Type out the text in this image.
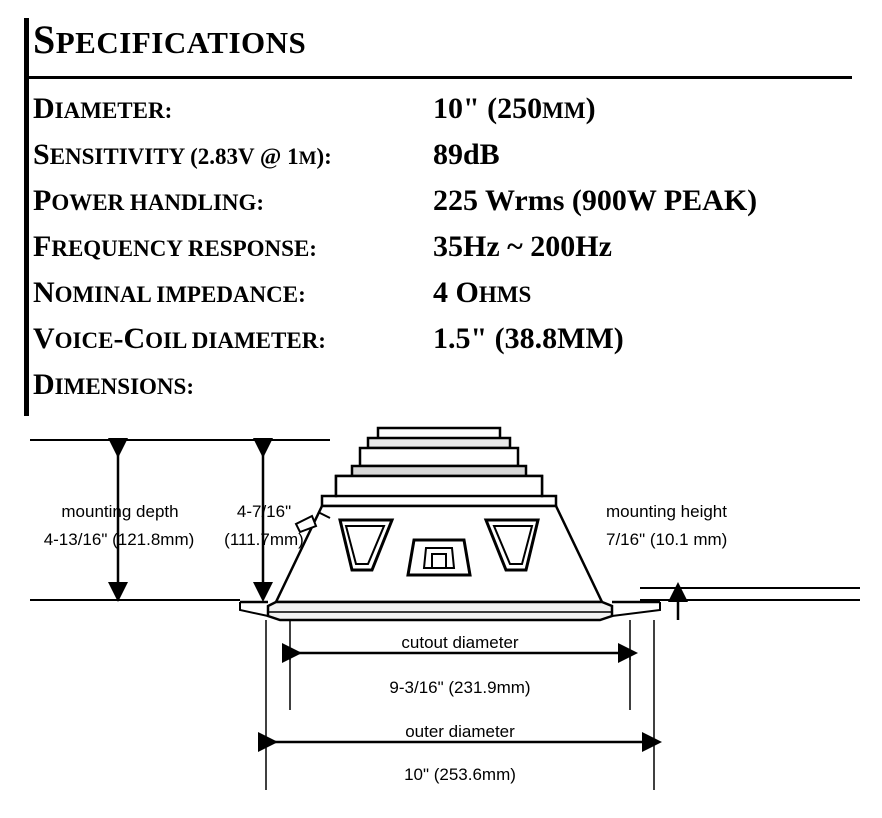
SPECIFICATIONS
DIAMETER:	10" (250MM)
SENSITIVITY (2.83V @ 1M):	89dB
POWER HANDLING:	225 Wrms (900W PEAK)
FREQUENCY RESPONSE:	35Hz ~ 200Hz
NOMINAL IMPEDANCE:	4 OHMS
VOICE-COIL DIAMETER:	1.5" (38.8MM)
DIMENSIONS:
mounting depth
4-13/16" (121.8mm)
4-7/16"
(111.7mm)
mounting height
7/16" (10.1 mm)
cutout diameter
9-3/16" (231.9mm)
outer diameter
10" (253.6mm)
